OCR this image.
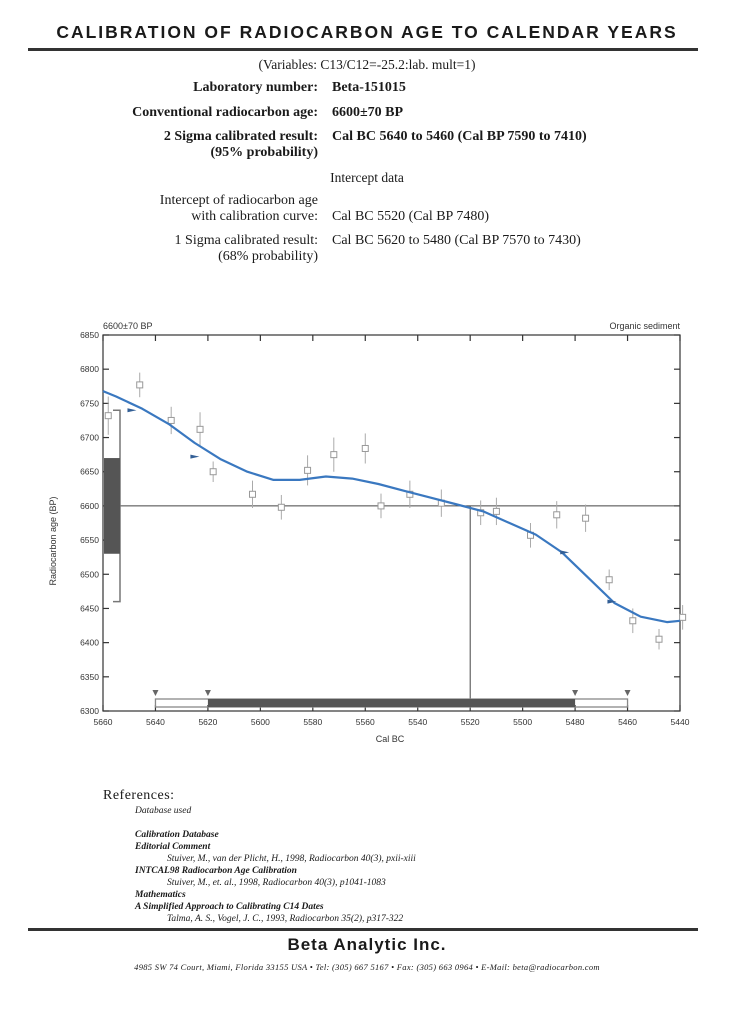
CALIBRATION OF RADIOCARBON AGE TO CALENDAR YEARS
(Variables: C13/C12=-25.2:lab. mult=1)
Laboratory number: Beta-151015
Conventional radiocarbon age: 6600±70 BP
2 Sigma calibrated result:
(95% probability)
Cal BC 5640 to 5460 (Cal BP 7590 to 7410)
Intercept data
Intercept of radiocarbon age
with calibration curve: Cal BC 5520 (Cal BP 7480)
1 Sigma calibrated result:
(68% probability)
Cal BC 5620 to 5480 (Cal BP 7570 to 7430)
6600±70 BP	Organic sediment
Cal BC
Radiocarbon age (BP)
6300
6350
6400
6450
6500
6550
6600
6650
6700
6750
6800
6850
5660	5640	5620	5600	5580	5560	5540	5520	5500	5480	5460	5440
References:
Database used

Calibration Database
Editorial Comment
Stuiver, M., van der Plicht, H., 1998, Radiocarbon 40(3), pxii-xiii
INTCAL98 Radiocarbon Age Calibration
Stuiver, M., et. al., 1998, Radiocarbon 40(3), p1041-1083
Mathematics
A Simplified Approach to Calibrating C14 Dates
Talma, A. S., Vogel, J. C., 1993, Radiocarbon 35(2), p317-322
Beta Analytic Inc.
4985 SW 74 Court, Miami, Florida 33155 USA • Tel: (305) 667 5167 • Fax: (305) 663 0964 • E-Mail: beta@radiocarbon.com
